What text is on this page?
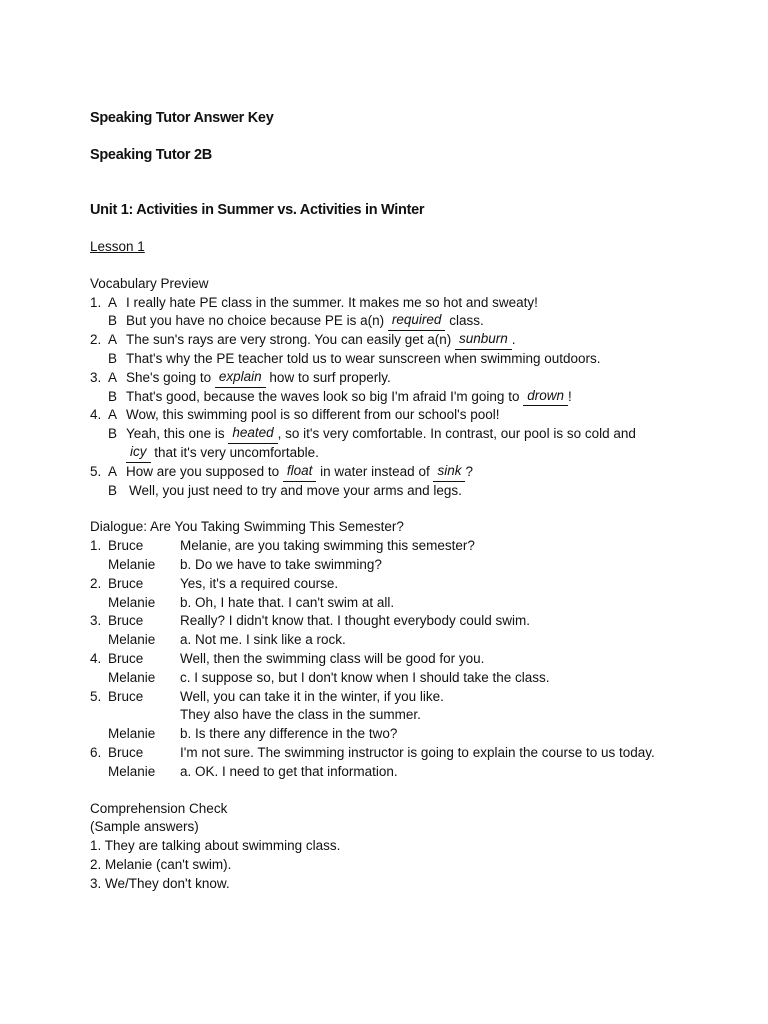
Speaking Tutor Answer Key

Speaking Tutor 2B

Unit 1: Activities in Summer vs. Activities in Winter

Lesson 1
Vocabulary Preview
1. A I really hate PE class in the summer. It makes me so hot and sweaty!
B But you have no choice because PE is a(n) required class.
2. A The sun's rays are very strong. You can easily get a(n) sunburn .
B That's why the PE teacher told us to wear sunscreen when swimming outdoors.
3. A She's going to explain how to surf properly.
B That's good, because the waves look so big I'm afraid I'm going to drown !
4. A Wow, this swimming pool is so different from our school's pool!
B Yeah, this one is heated , so it's very comfortable. In contrast, our pool is so cold and
icy that it's very uncomfortable.
5. A How are you supposed to float in water instead of sink ?
B Well, you just need to try and move your arms and legs.
Dialogue: Are You Taking Swimming This Semester?
1. Bruce	Melanie, are you taking swimming this semester?
Melanie	b. Do we have to take swimming?
2. Bruce	Yes, it's a required course.
Melanie	b. Oh, I hate that. I can't swim at all.
3. Bruce	Really? I didn't know that. I thought everybody could swim.
Melanie	a. Not me. I sink like a rock.
4. Bruce	Well, then the swimming class will be good for you.
Melanie	c. I suppose so, but I don't know when I should take the class.
5. Bruce	Well, you can take it in the winter, if you like.
They also have the class in the summer.
Melanie	b. Is there any difference in the two?
6. Bruce	I'm not sure. The swimming instructor is going to explain the course to us today.
Melanie	a. OK. I need to get that information.
Comprehension Check
(Sample answers)
1. They are talking about swimming class.
2. Melanie (can't swim).
3. We/They don't know.
